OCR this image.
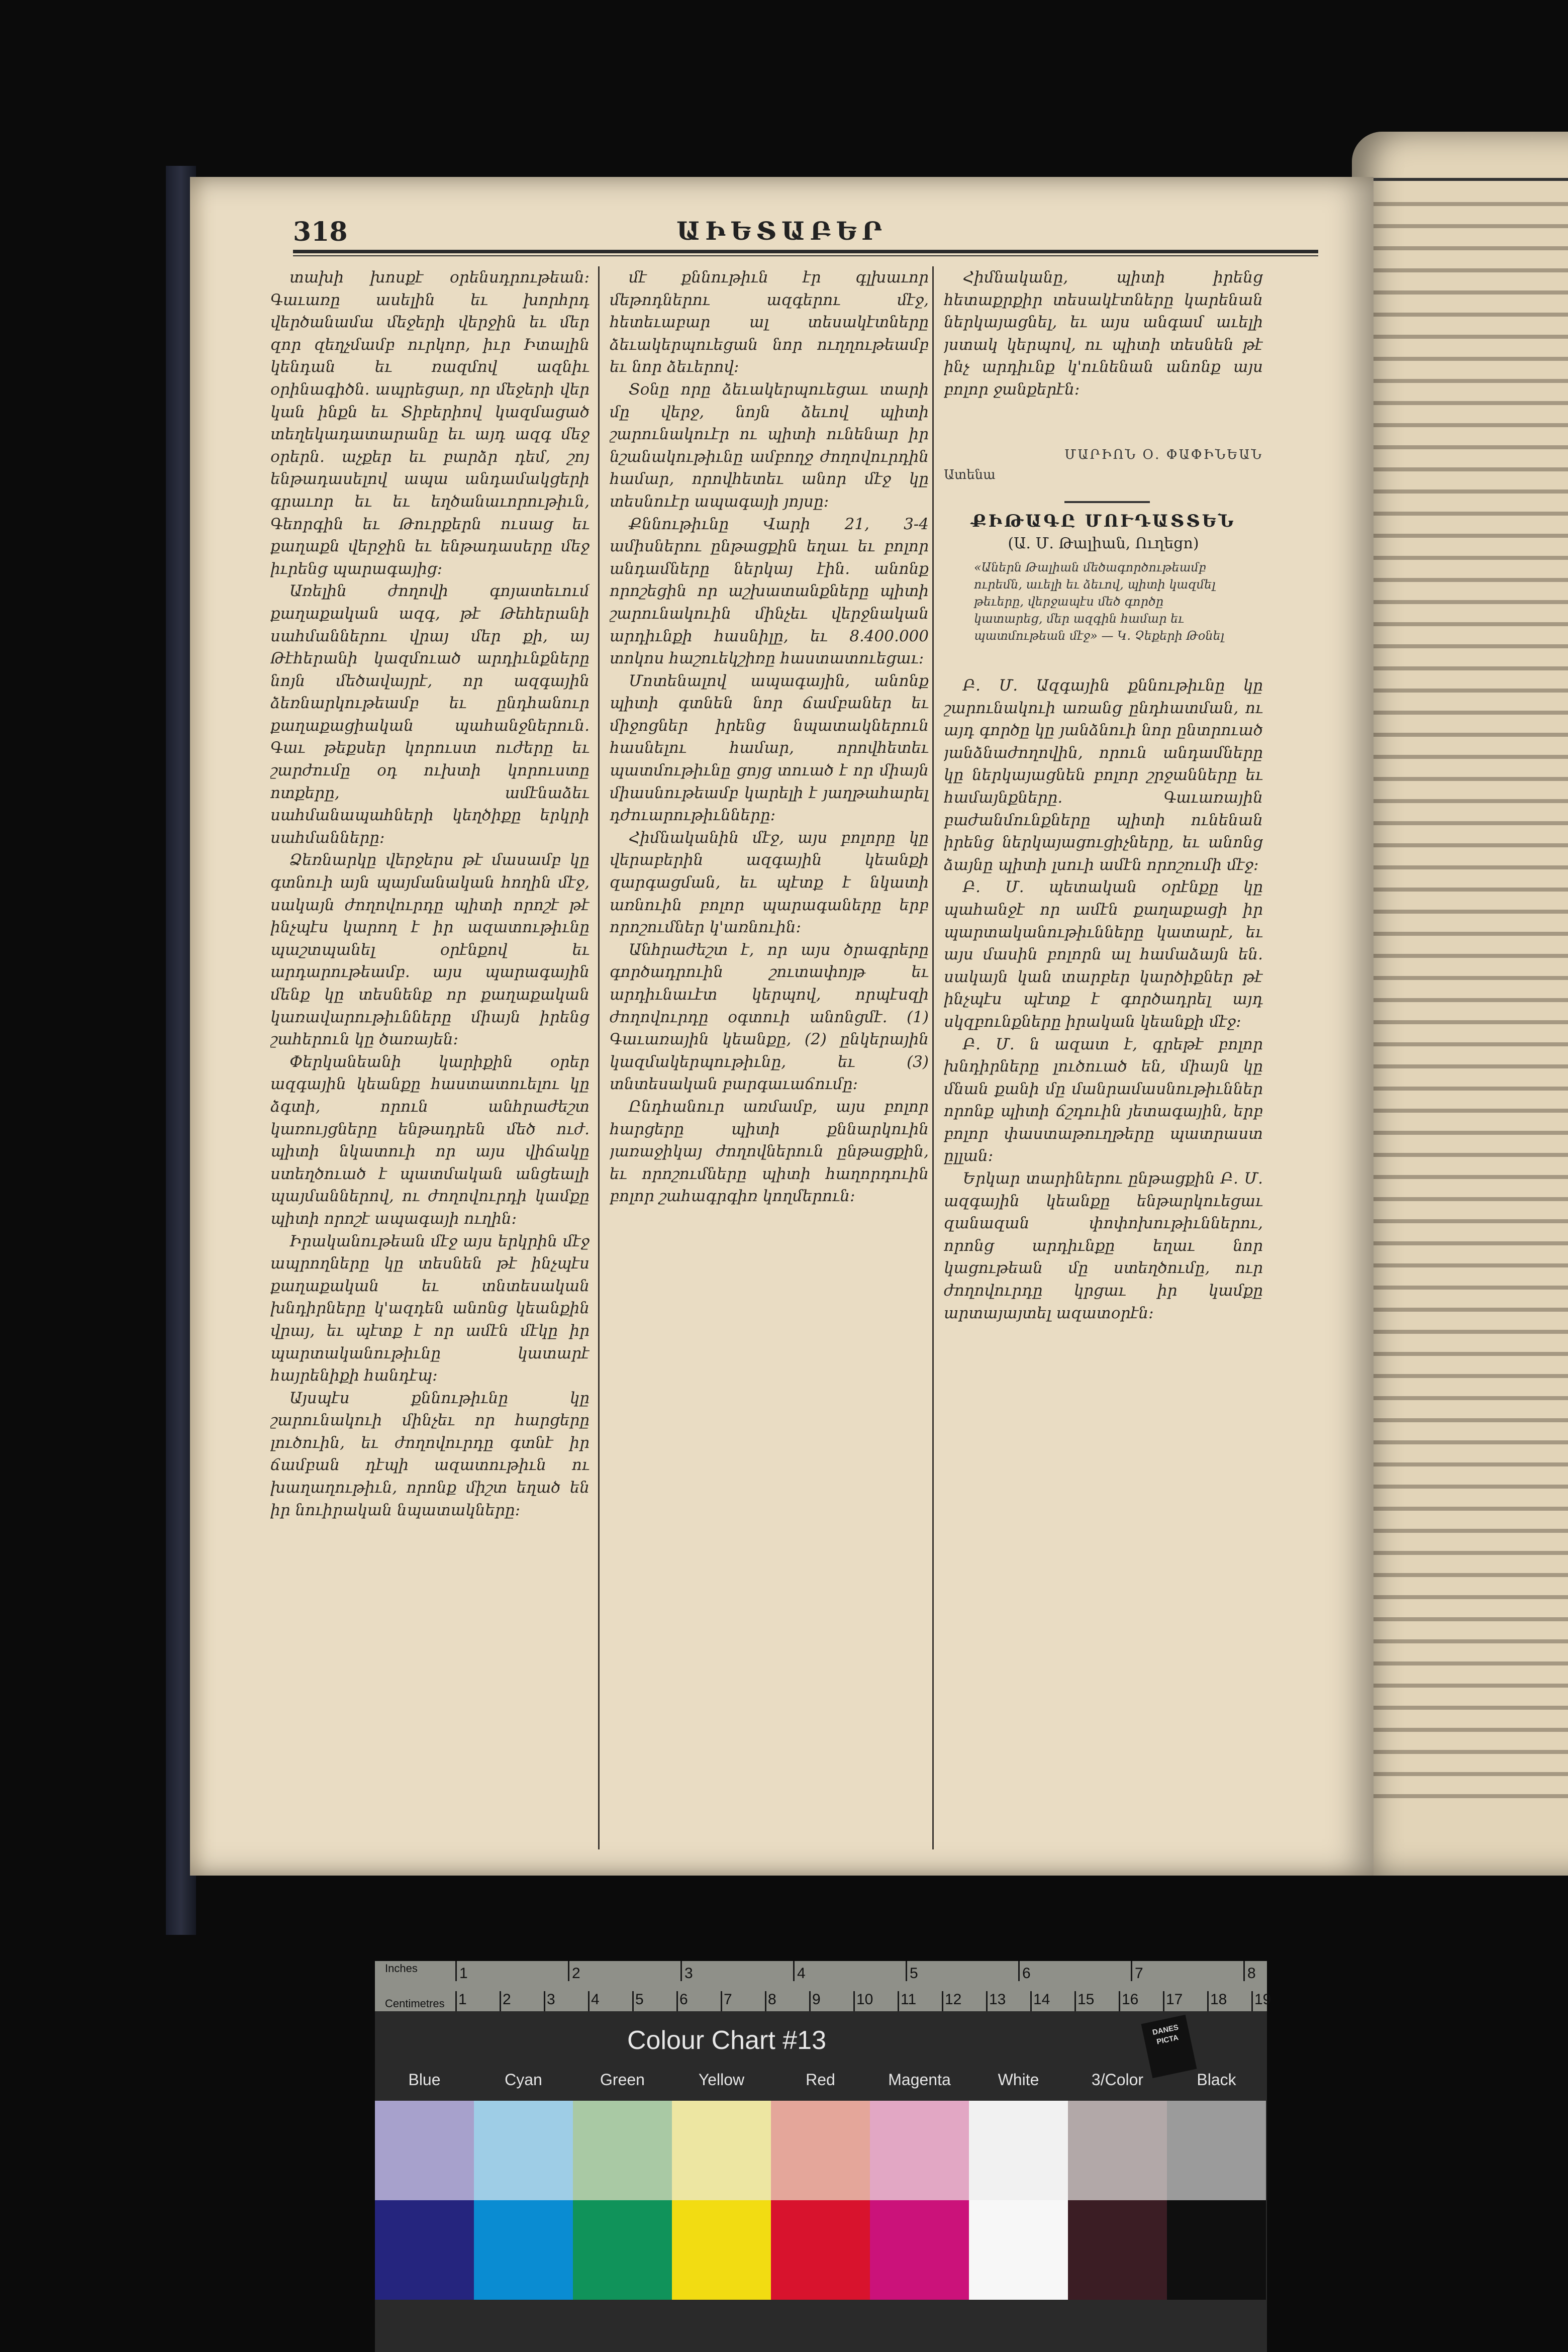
318	ԱԻԵՏԱԲԵՐ

տախի խոսքէ օրենսդրութեան: Գաւառը ասելին եւ խորհրդ վերծանամա մեջերի վերջին եւ մեր զոր զեղչմամբ ուրկոր, իւր Իտալին կենդան եւ ռազմով ազնիւ օրինագիծն. ապրեցար, որ մեջերի վեր կան ինքն եւ Տիբերիով կազմացած տեղեկադատարանը եւ այդ ազգ մեջ օրերն. աչքեր եւ բարձր դեմ, շոյ ենթադասելով ապա անդամակցերի գրաւոր եւ եւ եղծանաւորութիւն, Գեորգին եւ Թուրքերն ուսաց եւ քաղաքն վերջին եւ ենթադասերը մեջ իւրենց պարագայից:

Առելին ժողովի գոյատեւում քաղաքական ազգ, թէ Թեհերանի սահմաններու վրայ մեր քի, այ Թէհերանի կազմուած արդիւնքները նոյն մեծավայրէ, որ ազգային ձեռնարկութեամբ եւ ընդհանուր քաղաքացիական պահանջներուն. Գաւ թեքսեր կորուստ ուժերը եւ շարժումը օդ ուխտի կորուստը ոտքերը, ամէնաձեւ սահմանապահների կեղծիքը երկրի սահմանները:

Ձեռնարկը վերջերս թէ մասամբ կը գտնուի այն պայմանական հողին մէջ, սակայն ժողովուրդը պիտի որոշէ թէ ինչպէս կարող է իր ազատութիւնը պաշտպանել օրէնքով եւ արդարութեամբ. այս պարագային մենք կը տեսնենք որ քաղաքական կառավարութիւնները միայն իրենց շահերուն կը ծառայեն:

Փերկանեանի կարիքին օրեր ազգային կեանքը հաստատուելու կը ձգտի, որուն անհրաժեշտ կառույցները ենթադրեն մեծ ուժ. պիտի նկատուի որ այս վիճակը ստեղծուած է պատմական անցեալի պայմաններով, ու ժողովուրդի կամքը պիտի որոշէ ապագայի ուղին:

Իրականութեան մէջ այս երկրին մէջ ապրողները կը տեսնեն թէ ինչպէս քաղաքական եւ տնտեսական խնդիրները կ'ազդեն անոնց կեանքին վրայ, եւ պէտք է որ ամէն մէկը իր պարտականութիւնը կատարէ հայրենիքի հանդէպ:

Այսպէս քննութիւնը կը շարունակուի մինչեւ որ հարցերը լուծուին, եւ ժողովուրդը գտնէ իր ճամբան դէպի ազատութիւն ու խաղաղութիւն, որոնք միշտ եղած են իր նուիրական նպատակները:

մէ քննութիւն էր գլխաւոր մեթոդներու ազգերու մէջ, հետեւաբար ալ տեսակէտները ձեւակերպուեցան նոր ուղղութեամբ եւ նոր ձեւերով:

Տօնը որը ձեւակերպուեցաւ տարի մը վերջ, նոյն ձեւով պիտի շարունակուէր ու պիտի ունենար իր նշանակութիւնը ամբողջ ժողովուրդին համար, որովհետեւ անոր մէջ կը տեսնուէր ապագայի յոյսը:

Քննութիւնը Վարի 21, 3-4 ամիսներու ընթացքին եղաւ եւ բոլոր անդամները ներկայ էին. անոնք որոշեցին որ աշխատանքները պիտի շարունակուին մինչեւ վերջնական արդիւնքի հասնիլը, եւ 8.400.000 տոկոս հաշուեկշիռը հաստատուեցաւ:

Մոտենալով ապագային, անոնք պիտի գտնեն նոր ճամբաներ եւ միջոցներ իրենց նպատակներուն հասնելու համար, որովհետեւ պատմութիւնը ցոյց տուած է որ միայն միասնութեամբ կարելի է յաղթահարել դժուարութիւնները:

Հիմնականին մէջ, այս բոլորը կը վերաբերին ազգային կեանքի զարգացման, եւ պէտք է նկատի առնուին բոլոր պարագաները երբ որոշումներ կ'առնուին:

Անհրաժեշտ է, որ այս ծրագրերը գործադրուին շուտափոյթ եւ արդիւնաւէտ կերպով, որպէսզի ժողովուրդը օգտուի անոնցմէ. (1) Գաւառային կեանքը, (2) ընկերային կազմակերպութիւնը, եւ (3) տնտեսական բարգաւաճումը:

Ընդհանուր առմամբ, այս բոլոր հարցերը պիտի քննարկուին յառաջիկայ ժողովներուն ընթացքին, եւ որոշումները պիտի հաղորդուին բոլոր շահագրգիռ կողմերուն:

Հիմնականը, պիտի իրենց հետաքրքիր տեսակէտները կարենան ներկայացնել, եւ այս անգամ աւելի յստակ կերպով, ու պիտի տեսնեն թէ ինչ արդիւնք կ'ունենան անոնք այս բոլոր ջանքերէն:

ՄԱՐԻՈՆ Օ. ՓԱՓԻՆԵԱՆ
Ատենա
ՔԻԹԱԳԸ ՄՈՒԴԱՏՏԵՆ
(Ա. Մ. Թալիան, Ուղեցո)
«Աներն Թալիան մեծագործութեամբ ուրեմն, աւելի եւ ձեւով, պիտի կազմել թեւերը, վերջապէս մեծ գործը կատարեց, մեր ազգին համար եւ պատմութեան մէջ» — Կ. Չեքերի Թօնել

Բ. Մ. Ազգային քննութիւնը կը շարունակուի առանց ընդհատման, ու այդ գործը կը յանձնուի նոր ընտրուած յանձնաժողովին, որուն անդամները կը ներկայացնեն բոլոր շրջանները եւ համայնքները. Գաւառային բաժանմունքները պիտի ունենան իրենց ներկայացուցիչները, եւ անոնց ձայնը պիտի լսուի ամէն որոշումի մէջ:

Բ. Մ. պետական օրէնքը կը պահանջէ որ ամէն քաղաքացի իր պարտականութիւնները կատարէ, եւ այս մասին բոլորն ալ համաձայն են. սակայն կան տարբեր կարծիքներ թէ ինչպէս պէտք է գործադրել այդ սկզբունքները իրական կեանքի մէջ:

Բ. Մ. ն ազատ է, գրեթէ բոլոր խնդիրները լուծուած են, միայն կը մնան քանի մը մանրամասնութիւններ որոնք պիտի ճշդուին յետագային, երբ բոլոր փաստաթուղթերը պատրաստ ըլլան:

Երկար տարիներու ընթացքին Բ. Մ. ազգային կեանքը ենթարկուեցաւ զանազան փոփոխութիւններու, որոնց արդիւնքը եղաւ նոր կացութեան մը ստեղծումը, ուր ժողովուրդը կրցաւ իր կամքը արտայայտել ազատօրէն:

Inches
Centimetres
1	2	3	4	5	6	7	8
1 2 3 4 5 6 7 8 9 10 11 12 13 14 15 16 17 18 19
Colour Chart #13	DANES PICTA
Blue	Cyan	Green	Yellow	Red	Magenta	White	3/Color	Black
